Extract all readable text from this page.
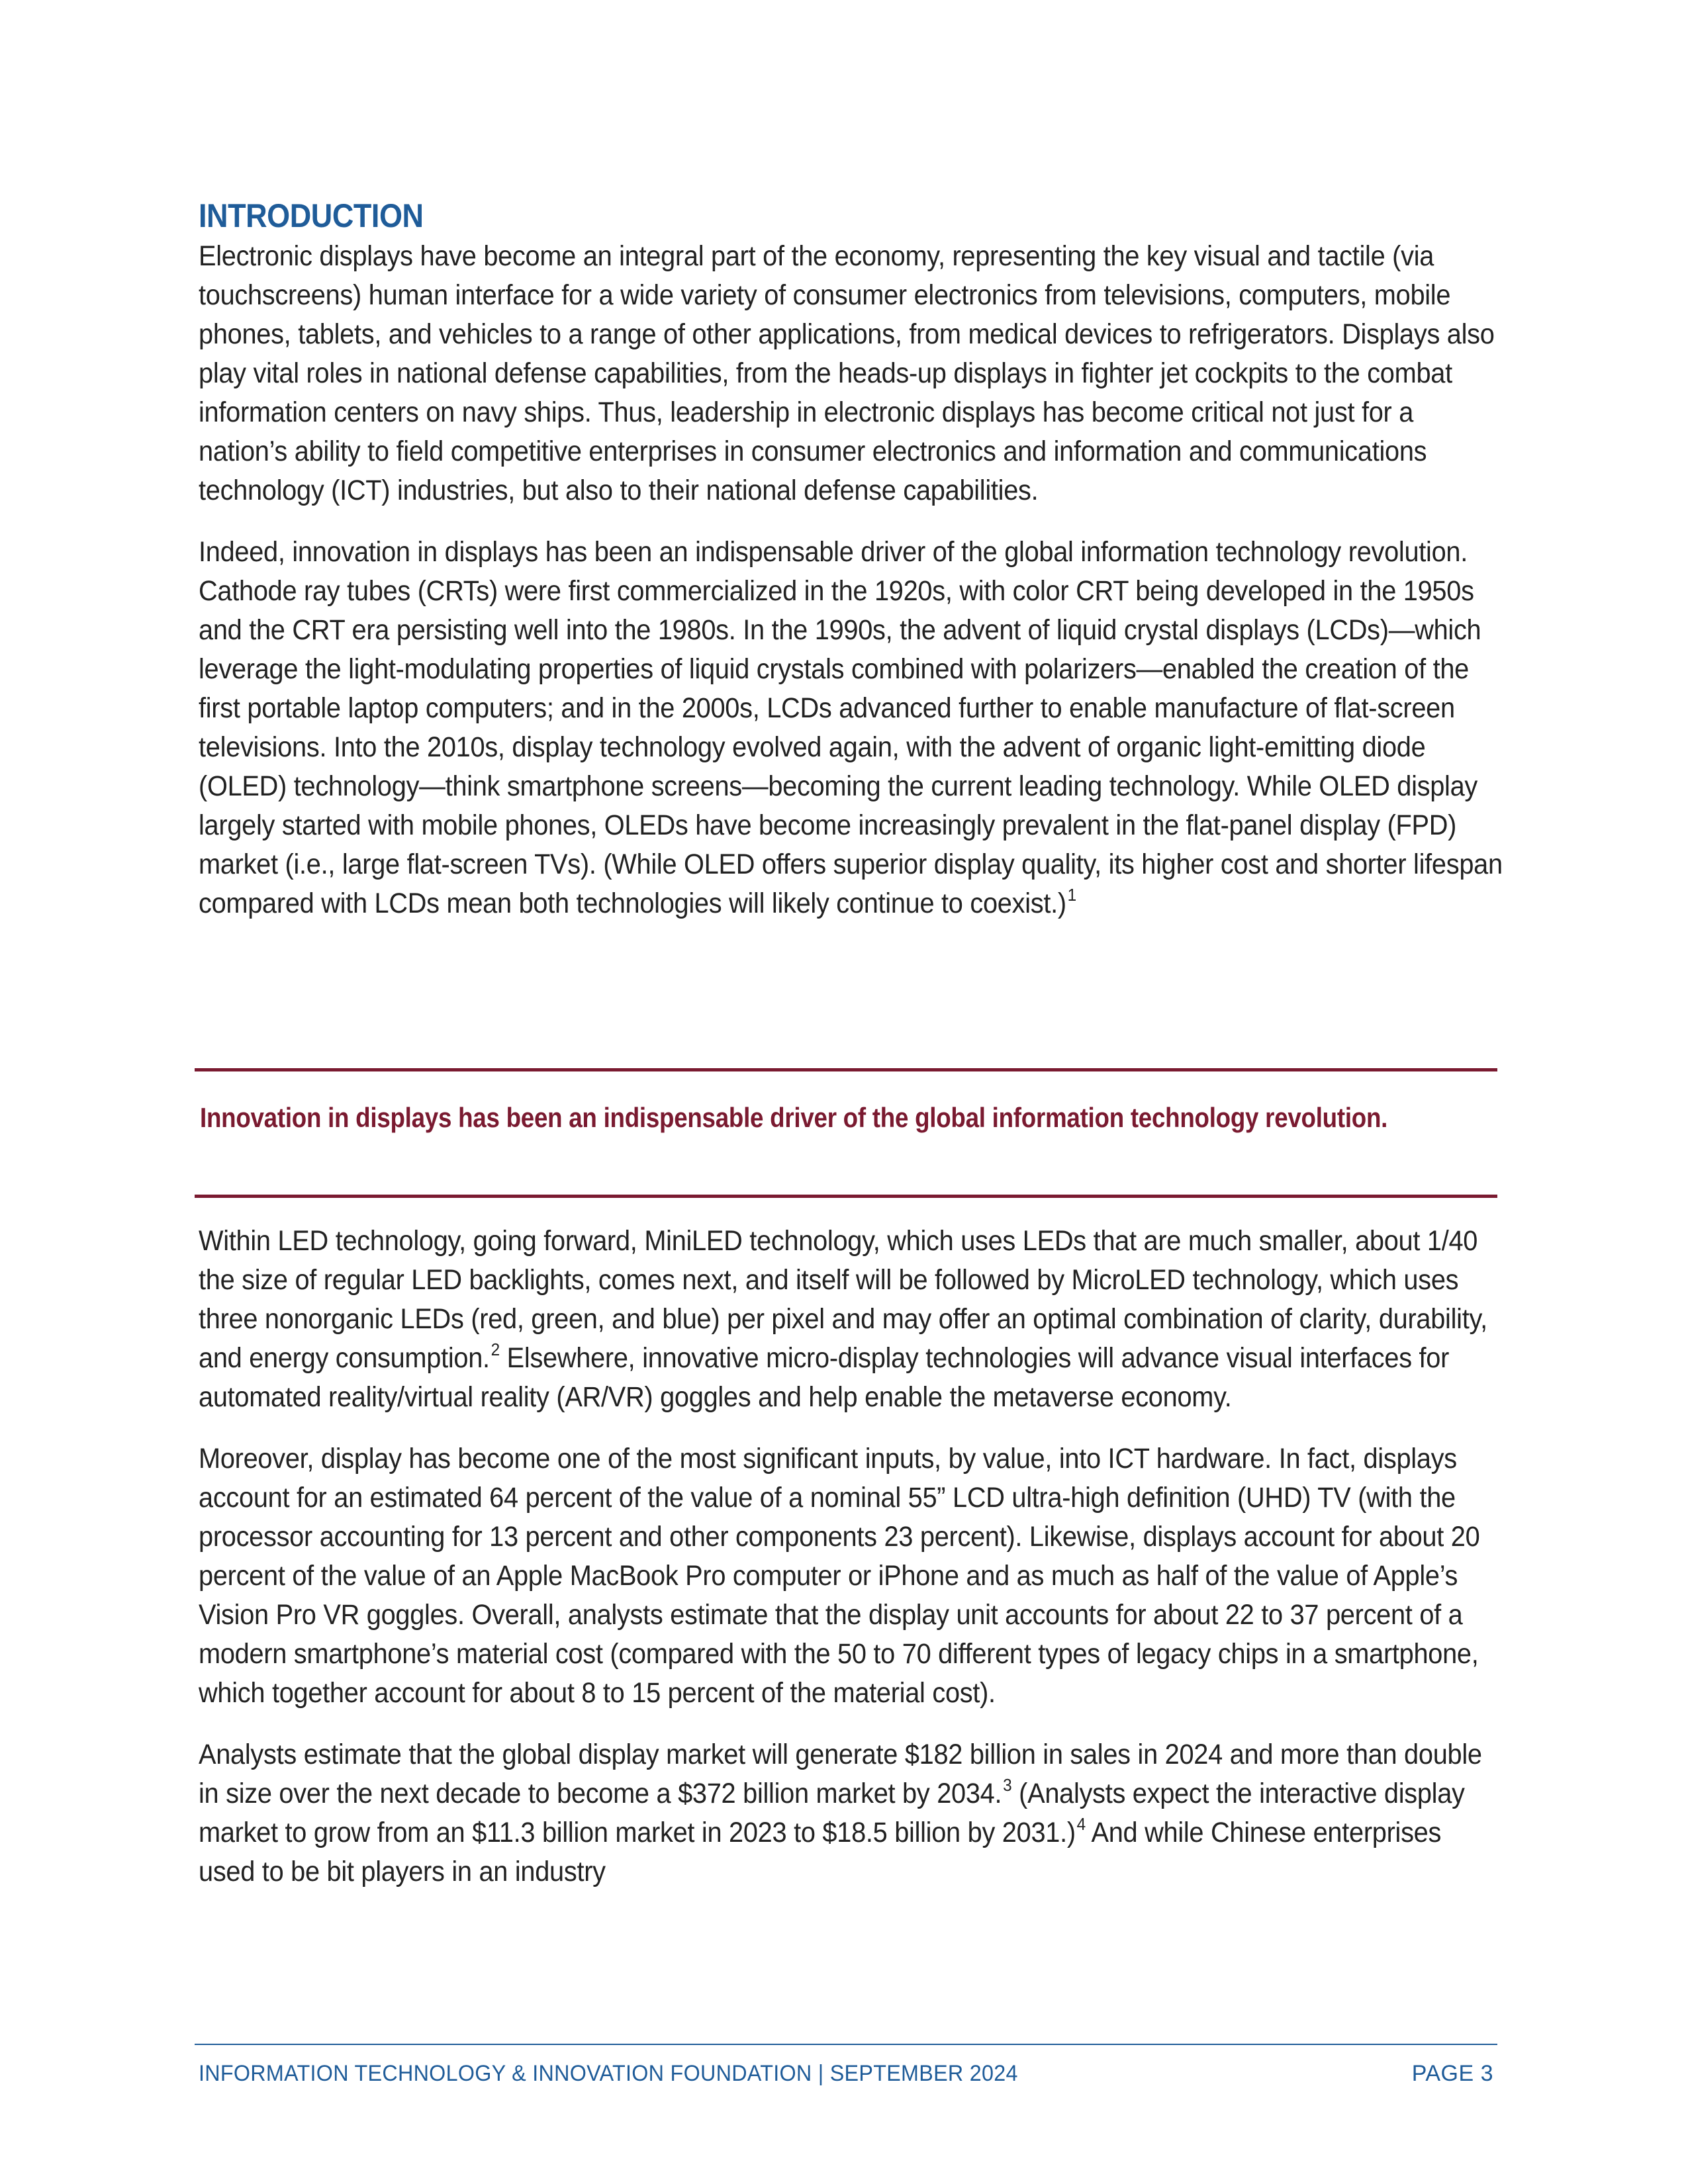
INTRODUCTION

Electronic displays have become an integral part of the economy, representing the key visual and tactile (via touchscreens) human interface for a wide variety of consumer electronics from televisions, computers, mobile phones, tablets, and vehicles to a range of other applications, from medical devices to refrigerators. Displays also play vital roles in national defense capabilities, from the heads-up displays in fighter jet cockpits to the combat information centers on navy ships. Thus, leadership in electronic displays has become critical not just for a nation’s ability to field competitive enterprises in consumer electronics and information and communications technology (ICT) industries, but also to their national defense capabilities.

Indeed, innovation in displays has been an indispensable driver of the global information technology revolution. Cathode ray tubes (CRTs) were first commercialized in the 1920s, with color CRT being developed in the 1950s and the CRT era persisting well into the 1980s. In the 1990s, the advent of liquid crystal displays (LCDs)—which leverage the light-modulating properties of liquid crystals combined with polarizers—enabled the creation of the first portable laptop computers; and in the 2000s, LCDs advanced further to enable manufacture of flat-screen televisions. Into the 2010s, display technology evolved again, with the advent of organic light-emitting diode (OLED) technology—think smartphone screens—becoming the current leading technology. While OLED display largely started with mobile phones, OLEDs have become increasingly prevalent in the flat-panel display (FPD) market (i.e., large flat-screen TVs). (While OLED offers superior display quality, its higher cost and shorter lifespan compared with LCDs mean both technologies will likely continue to coexist.)$^1$

Innovation in displays has been an indispensable driver of the global information technology revolution.

Within LED technology, going forward, MiniLED technology, which uses LEDs that are much smaller, about 1/40 the size of regular LED backlights, comes next, and itself will be followed by MicroLED technology, which uses three nonorganic LEDs (red, green, and blue) per pixel and may offer an optimal combination of clarity, durability, and energy consumption.$^2$ Elsewhere, innovative micro-display technologies will advance visual interfaces for automated reality/virtual reality (AR/VR) goggles and help enable the metaverse economy.

Moreover, display has become one of the most significant inputs, by value, into ICT hardware. In fact, displays account for an estimated 64 percent of the value of a nominal 55” LCD ultra-high definition (UHD) TV (with the processor accounting for 13 percent and other components 23 percent). Likewise, displays account for about 20 percent of the value of an Apple MacBook Pro computer or iPhone and as much as half of the value of Apple’s Vision Pro VR goggles. Overall, analysts estimate that the display unit accounts for about 22 to 37 percent of a modern smartphone’s material cost (compared with the 50 to 70 different types of legacy chips in a smartphone, which together account for about 8 to 15 percent of the material cost).

Analysts estimate that the global display market will generate $182 billion in sales in 2024 and more than double in size over the next decade to become a $372 billion market by 2034.$^3$ (Analysts expect the interactive display market to grow from an $11.3 billion market in 2023 to $18.5 billion by 2031.)$^4$ And while Chinese enterprises used to be bit players in an industry

INFORMATION TECHNOLOGY & INNOVATION FOUNDATION | SEPTEMBER 2024	PAGE 3
